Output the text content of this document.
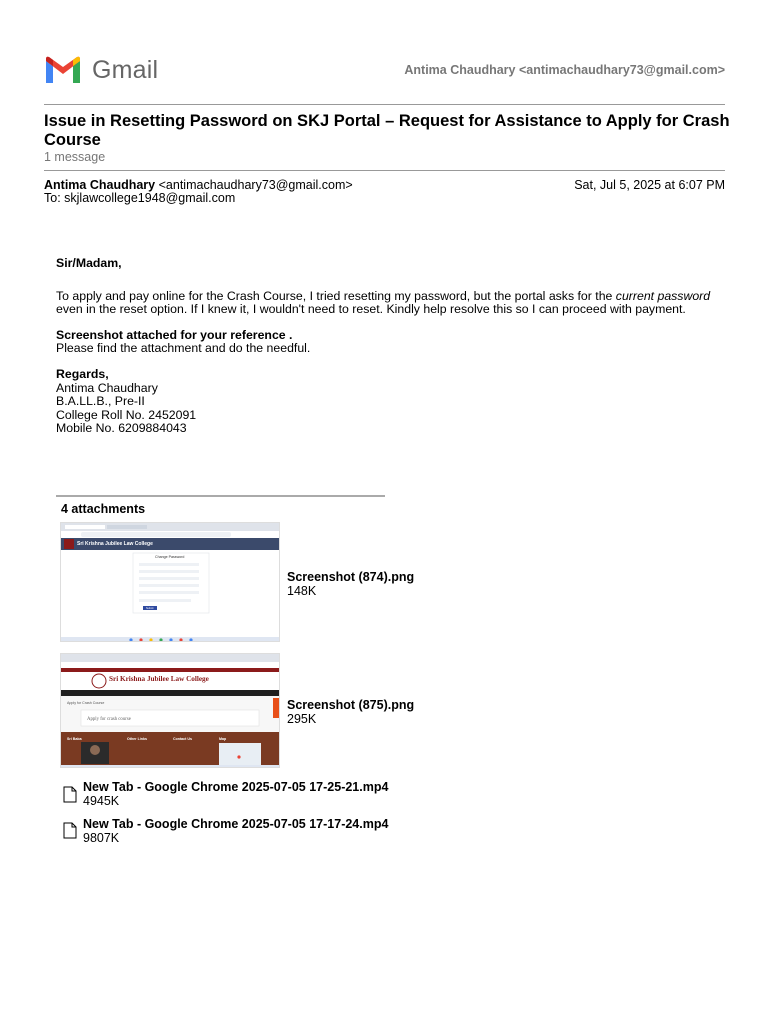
Gmail	Antima Chaudhary <antimachaudhary73@gmail.com>
Issue in Resetting Password on SKJ Portal – Request for Assistance to Apply for Crash Course
1 message
Antima Chaudhary <antimachaudhary73@gmail.com>	Sat, Jul 5, 2025 at 6:07 PM
To: skjlawcollege1948@gmail.com

Sir/Madam,

To apply and pay online for the Crash Course, I tried resetting my password, but the portal asks for the current password even in the reset option. If I knew it, I wouldn't need to reset. Kindly help resolve this so I can proceed with payment.

Screenshot attached for your reference .

Please find the attachment and do the needful.

Regards,

Antima Chaudhary

B.A.LL.B., Pre-II

College Roll No. 2452091

Mobile No. 6209884043

4 attachments
Sri Krishna Jubilee Law College
Change Password
Submit
Screenshot (874).png
148K
Sri Krishna Jubilee Law College
Apply for Crash Course
Apply for crash course
Sri Baba	Other Links	Contact Us	Map
Screenshot (875).png
295K
New Tab - Google Chrome 2025-07-05 17-25-21.mp4
4945K
New Tab - Google Chrome 2025-07-05 17-17-24.mp4
9807K
